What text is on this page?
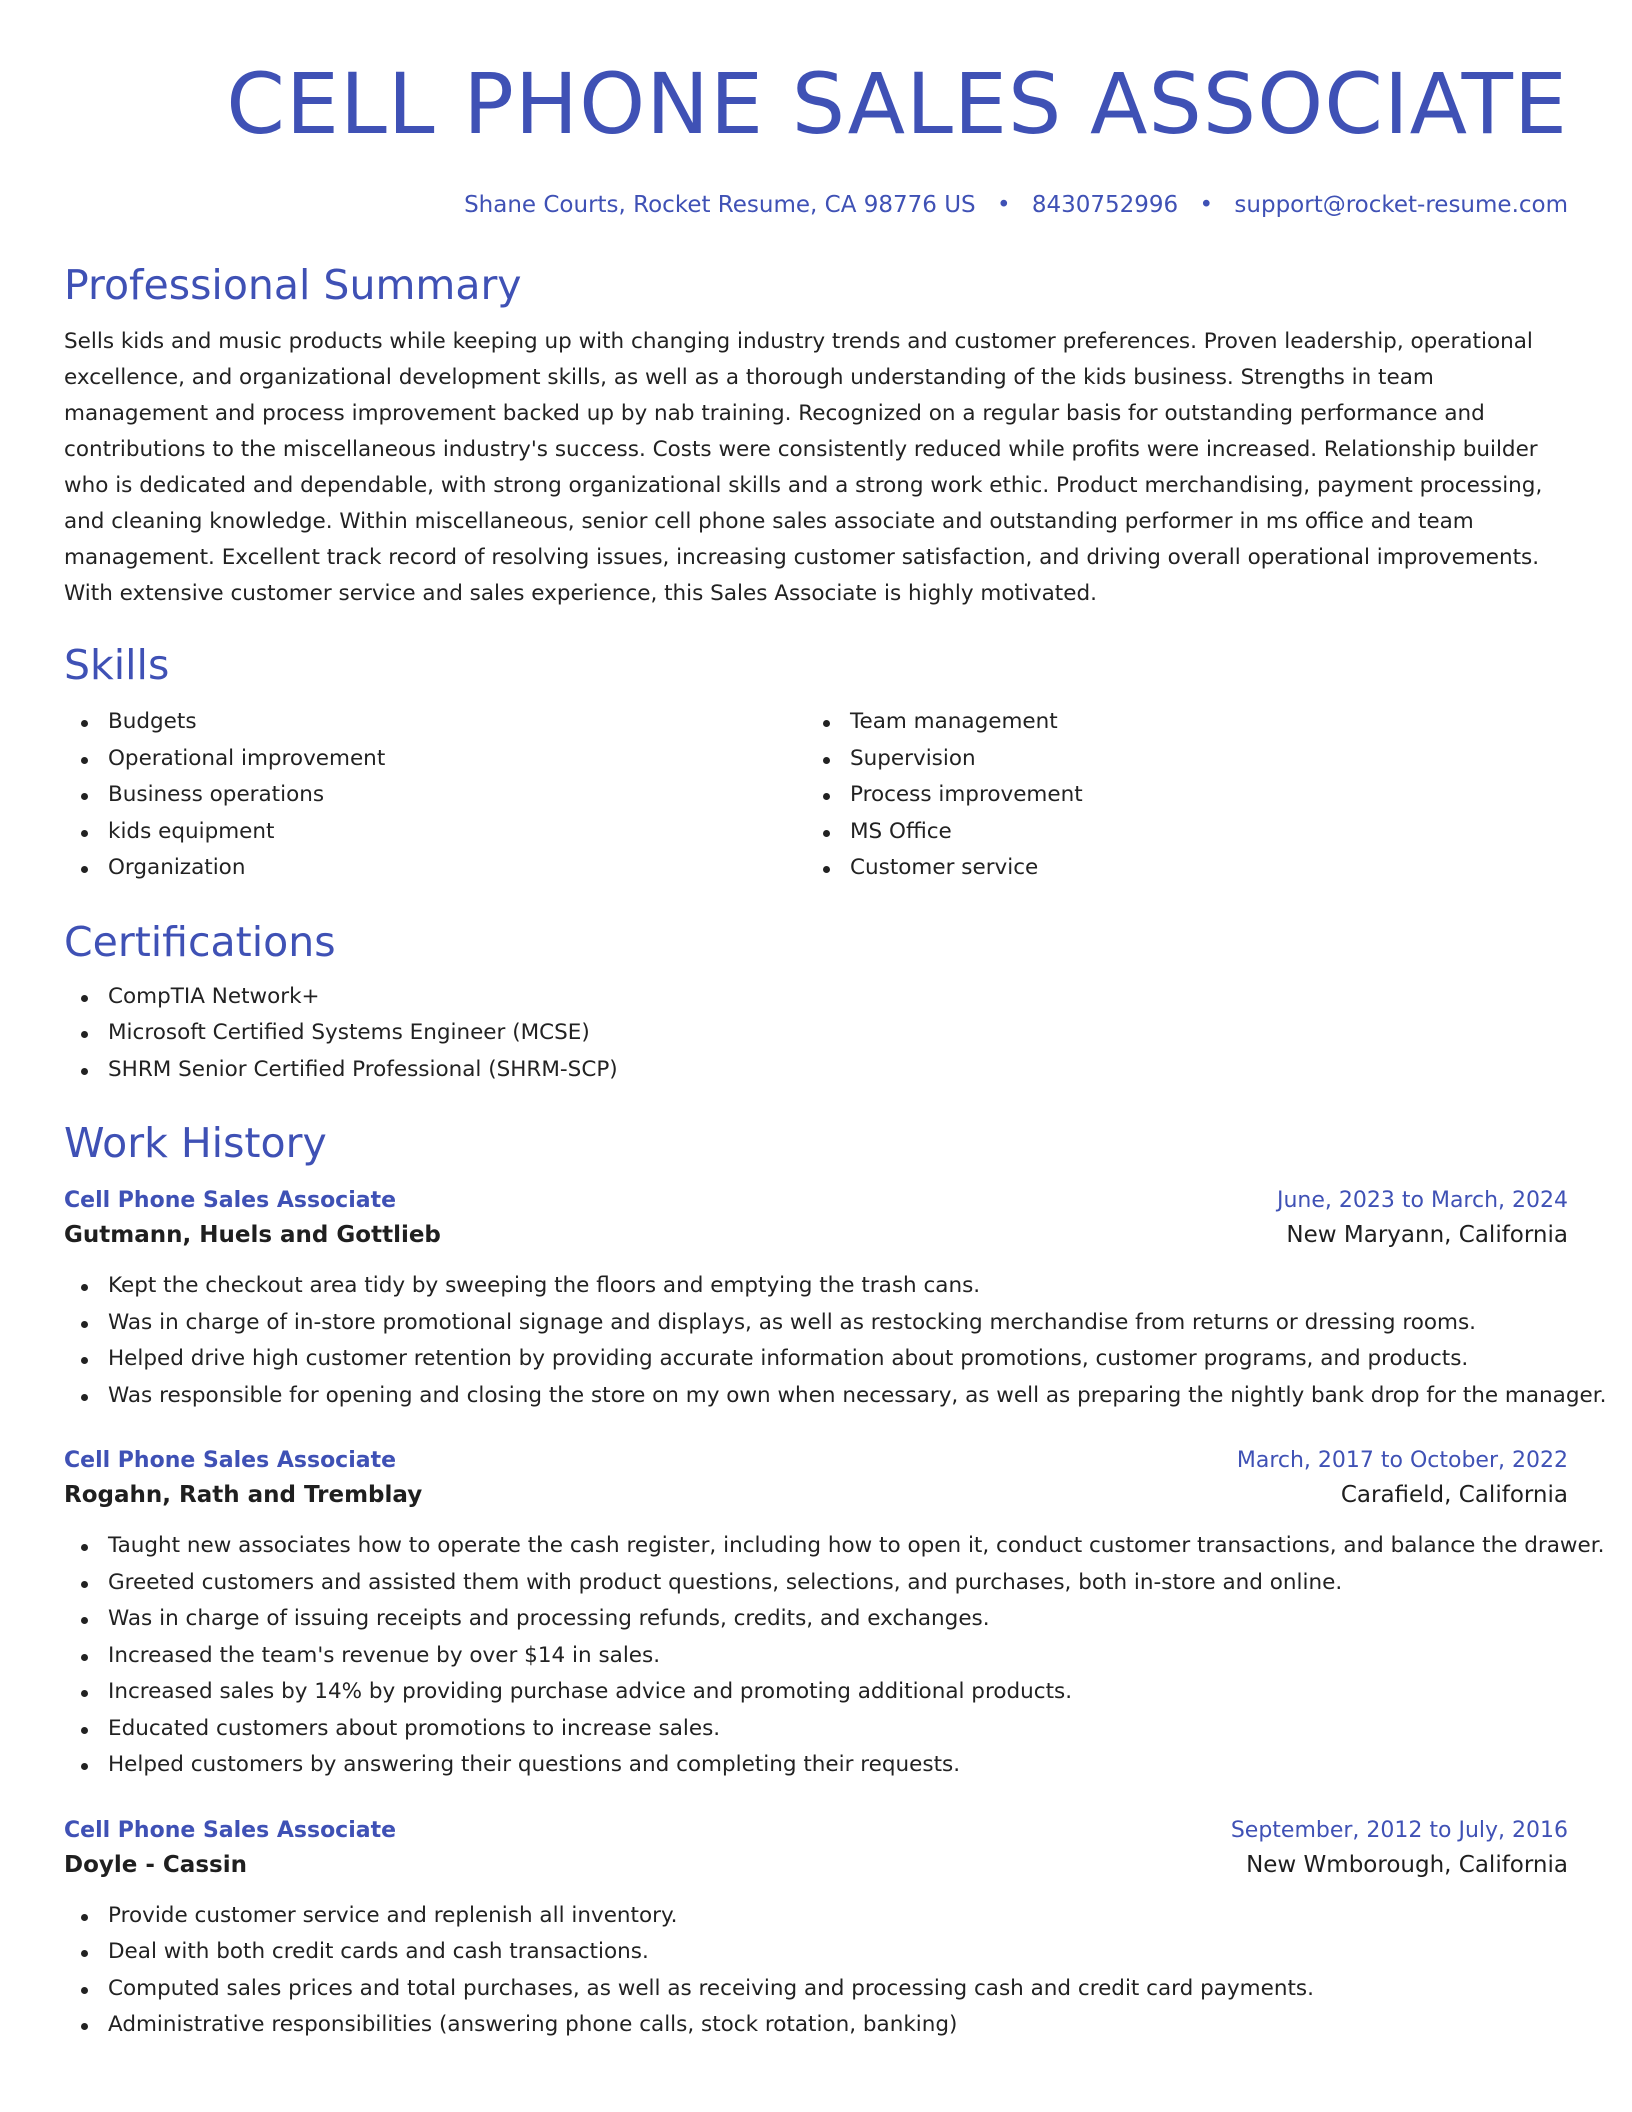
CELL PHONE SALES ASSOCIATE
Shane Courts, Rocket Resume, CA 98776 US • 8430752996 • support@rocket-resume.com
Professional Summary
Sells kids and music products while keeping up with changing industry trends and customer preferences. Proven leadership, operational excellence, and organizational development skills, as well as a thorough understanding of the kids business. Strengths in team management and process improvement backed up by nab training. Recognized on a regular basis for outstanding performance and contributions to the miscellaneous industry's success. Costs were consistently reduced while profits were increased. Relationship builder who is dedicated and dependable, with strong organizational skills and a strong work ethic. Product merchandising, payment processing, and cleaning knowledge. Within miscellaneous, senior cell phone sales associate and outstanding performer in ms office and team management. Excellent track record of resolving issues, increasing customer satisfaction, and driving overall operational improvements. With extensive customer service and sales experience, this Sales Associate is highly motivated.
Skills
Budgets
Operational improvement
Business operations
kids equipment
Organization
Team management
Supervision
Process improvement
MS Office
Customer service
Certifications
CompTIA Network+
Microsoft Certified Systems Engineer (MCSE)
SHRM Senior Certified Professional (SHRM-SCP)
Work History
Cell Phone Sales Associate	June, 2023 to March, 2024
Gutmann, Huels and Gottlieb	New Maryann, California
Kept the checkout area tidy by sweeping the floors and emptying the trash cans.
Was in charge of in-store promotional signage and displays, as well as restocking merchandise from returns or dressing rooms.
Helped drive high customer retention by providing accurate information about promotions, customer programs, and products.
Was responsible for opening and closing the store on my own when necessary, as well as preparing the nightly bank drop for the manager.
Cell Phone Sales Associate	March, 2017 to October, 2022
Rogahn, Rath and Tremblay	Carafield, California
Taught new associates how to operate the cash register, including how to open it, conduct customer transactions, and balance the drawer.
Greeted customers and assisted them with product questions, selections, and purchases, both in-store and online.
Was in charge of issuing receipts and processing refunds, credits, and exchanges.
Increased the team's revenue by over $14 in sales.
Increased sales by 14% by providing purchase advice and promoting additional products.
Educated customers about promotions to increase sales.
Helped customers by answering their questions and completing their requests.
Cell Phone Sales Associate	September, 2012 to July, 2016
Doyle - Cassin	New Wmborough, California
Provide customer service and replenish all inventory.
Deal with both credit cards and cash transactions.
Computed sales prices and total purchases, as well as receiving and processing cash and credit card payments.
Administrative responsibilities (answering phone calls, stock rotation, banking)
